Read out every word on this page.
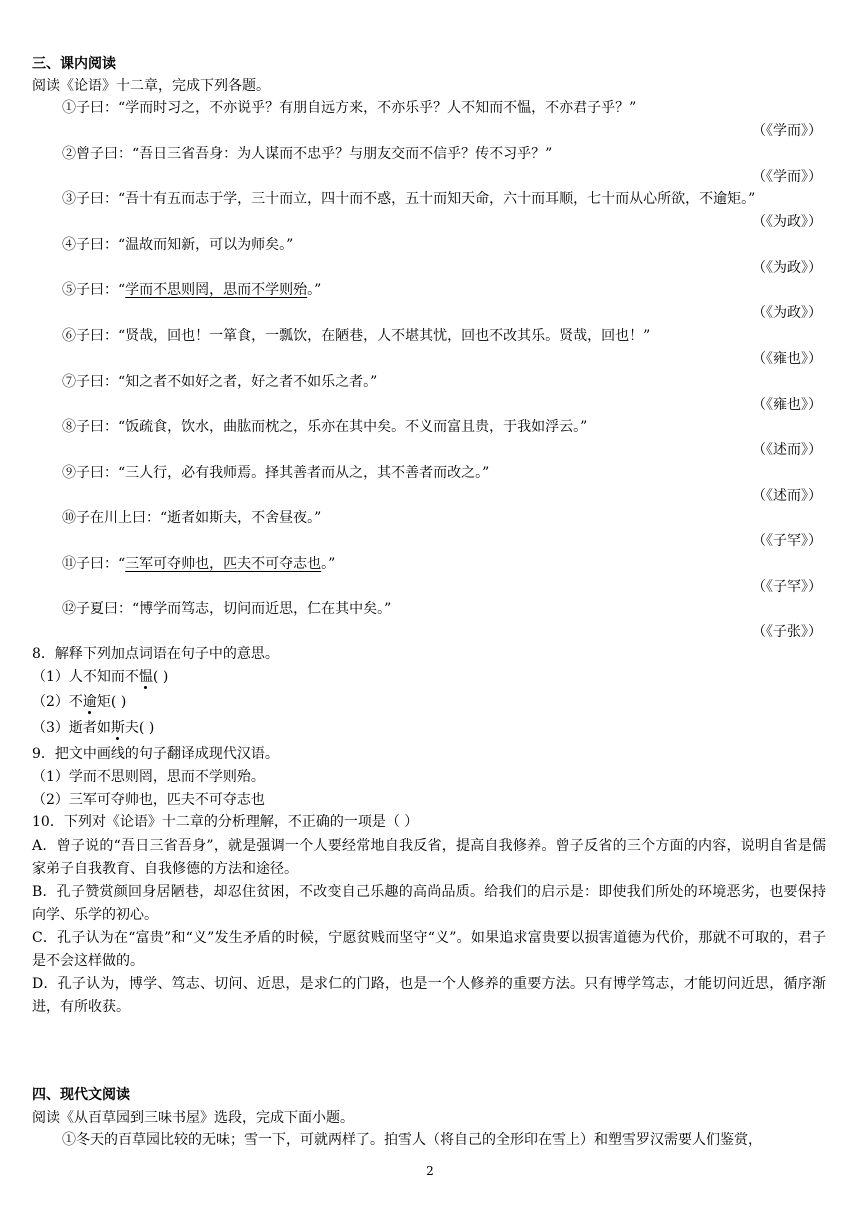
三、课内阅读
阅读《论语》十二章，完成下列各题。
①子曰：“学而时习之，不亦说乎？有朋自远方来，不亦乐乎？人不知而不愠，不亦君子乎？”
（《学而》）
②曾子曰：“吾日三省吾身：为人谋而不忠乎？与朋友交而不信乎？传不习乎？”
（《学而》）
③子曰：“吾十有五而志于学，三十而立，四十而不惑，五十而知天命，六十而耳顺，七十而从心所欲，不逾矩。”
（《为政》）
④子曰：“温故而知新，可以为师矣。”
（《为政》）
⑤子曰：“学而不思则罔，思而不学则殆。”
（《为政》）
⑥子曰：“贤哉，回也！一箪食，一瓢饮，在陋巷，人不堪其忧，回也不改其乐。贤哉，回也！”
（《雍也》）
⑦子曰：“知之者不如好之者，好之者不如乐之者。”
（《雍也》）
⑧子曰：“饭疏食，饮水，曲肱而枕之，乐亦在其中矣。不义而富且贵，于我如浮云。”
（《述而》）
⑨子曰：“三人行，必有我师焉。择其善者而从之，其不善者而改之。”
（《述而》）
⑩子在川上曰：“逝者如斯夫，不舍昼夜。”
（《子罕》）
⑪子曰：“三军可夺帅也，匹夫不可夺志也。”
（《子罕》）
⑫子夏曰：“博学而笃志，切问而近思，仁在其中矣。”
（《子张》）
8．解释下列加点词语在句子中的意思。
（1）人不知而不愠( )
（2）不逾矩( )
（3）逝者如斯夫( )
9．把文中画线的句子翻译成现代汉语。
（1）学而不思则罔，思而不学则殆。
（2）三军可夺帅也，匹夫不可夺志也
10．下列对《论语》十二章的分析理解，不正确的一项是（ ）
A．曾子说的“吾日三省吾身”，就是强调一个人要经常地自我反省，提高自我修养。曾子反省的三个方面的内容，说明自省是儒家弟子自我教育、自我修德的方法和途径。
B．孔子赞赏颜回身居陋巷，却忍住贫困，不改变自己乐趣的高尚品质。给我们的启示是：即使我们所处的环境恶劣，也要保持向学、乐学的初心。
C．孔子认为在“富贵”和“义”发生矛盾的时候，宁愿贫贱而坚守“义”。如果追求富贵要以损害道德为代价，那就不可取的，君子是不会这样做的。
D．孔子认为，博学、笃志、切问、近思，是求仁的门路，也是一个人修养的重要方法。只有博学笃志，才能切问近思，循序渐进，有所收获。
四、现代文阅读
阅读《从百草园到三味书屋》选段，完成下面小题。
①冬天的百草园比较的无味；雪一下，可就两样了。拍雪人（将自己的全形印在雪上）和塑雪罗汉需要人们鉴赏，
2
